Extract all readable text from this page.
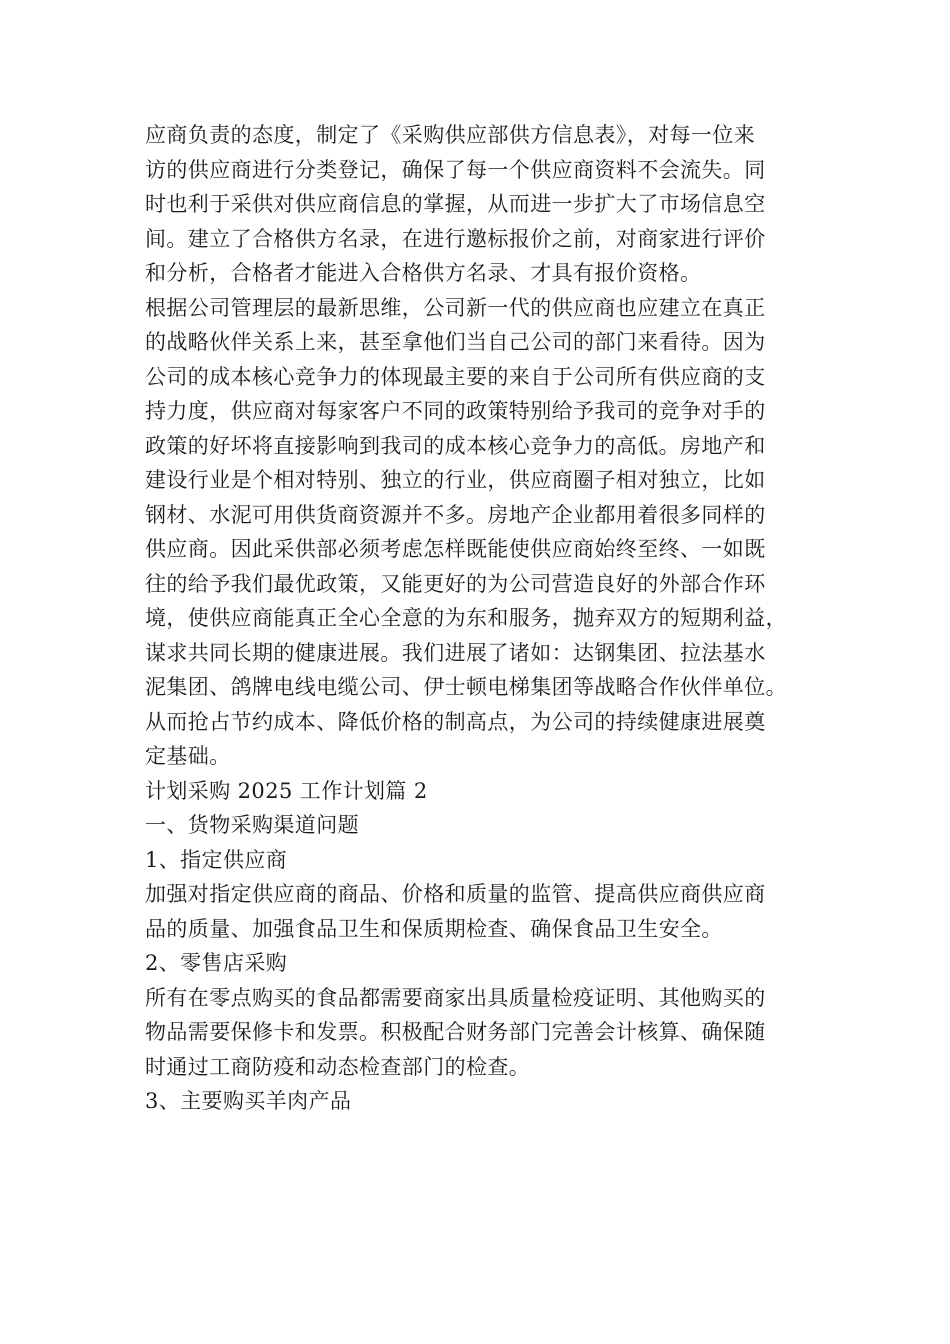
应商负责的态度，制定了《采购供应部供方信息表》，对每一位来
访的供应商进行分类登记，确保了每一个供应商资料不会流失。同
时也利于采供对供应商信息的掌握，从而进一步扩大了市场信息空
间。建立了合格供方名录，在进行邀标报价之前，对商家进行评价
和分析，合格者才能进入合格供方名录、才具有报价资格。
根据公司管理层的最新思维，公司新一代的供应商也应建立在真正
的战略伙伴关系上来，甚至拿他们当自己公司的部门来看待。因为
公司的成本核心竞争力的体现最主要的来自于公司所有供应商的支
持力度，供应商对每家客户不同的政策特别给予我司的竞争对手的
政策的好坏将直接影响到我司的成本核心竞争力的高低。房地产和
建设行业是个相对特别、独立的行业，供应商圈子相对独立，比如
钢材、水泥可用供货商资源并不多。房地产企业都用着很多同样的
供应商。因此采供部必须考虑怎样既能使供应商始终至终、一如既
往的给予我们最优政策，又能更好的为公司营造良好的外部合作环
境，使供应商能真正全心全意的为东和服务，抛弃双方的短期利益，
谋求共同长期的健康进展。我们进展了诸如：达钢集团、拉法基水
泥集团、鸽牌电线电缆公司、伊士顿电梯集团等战略合作伙伴单位。
从而抢占节约成本、降低价格的制高点，为公司的持续健康进展奠
定基础。
计划采购 2025 工作计划篇 2
一、货物采购渠道问题
1、指定供应商
加强对指定供应商的商品、价格和质量的监管、提高供应商供应商
品的质量、加强食品卫生和保质期检查、确保食品卫生安全。
2、零售店采购
所有在零点购买的食品都需要商家出具质量检疫证明、其他购买的
物品需要保修卡和发票。积极配合财务部门完善会计核算、确保随
时通过工商防疫和动态检查部门的检查。
3、主要购买羊肉产品
